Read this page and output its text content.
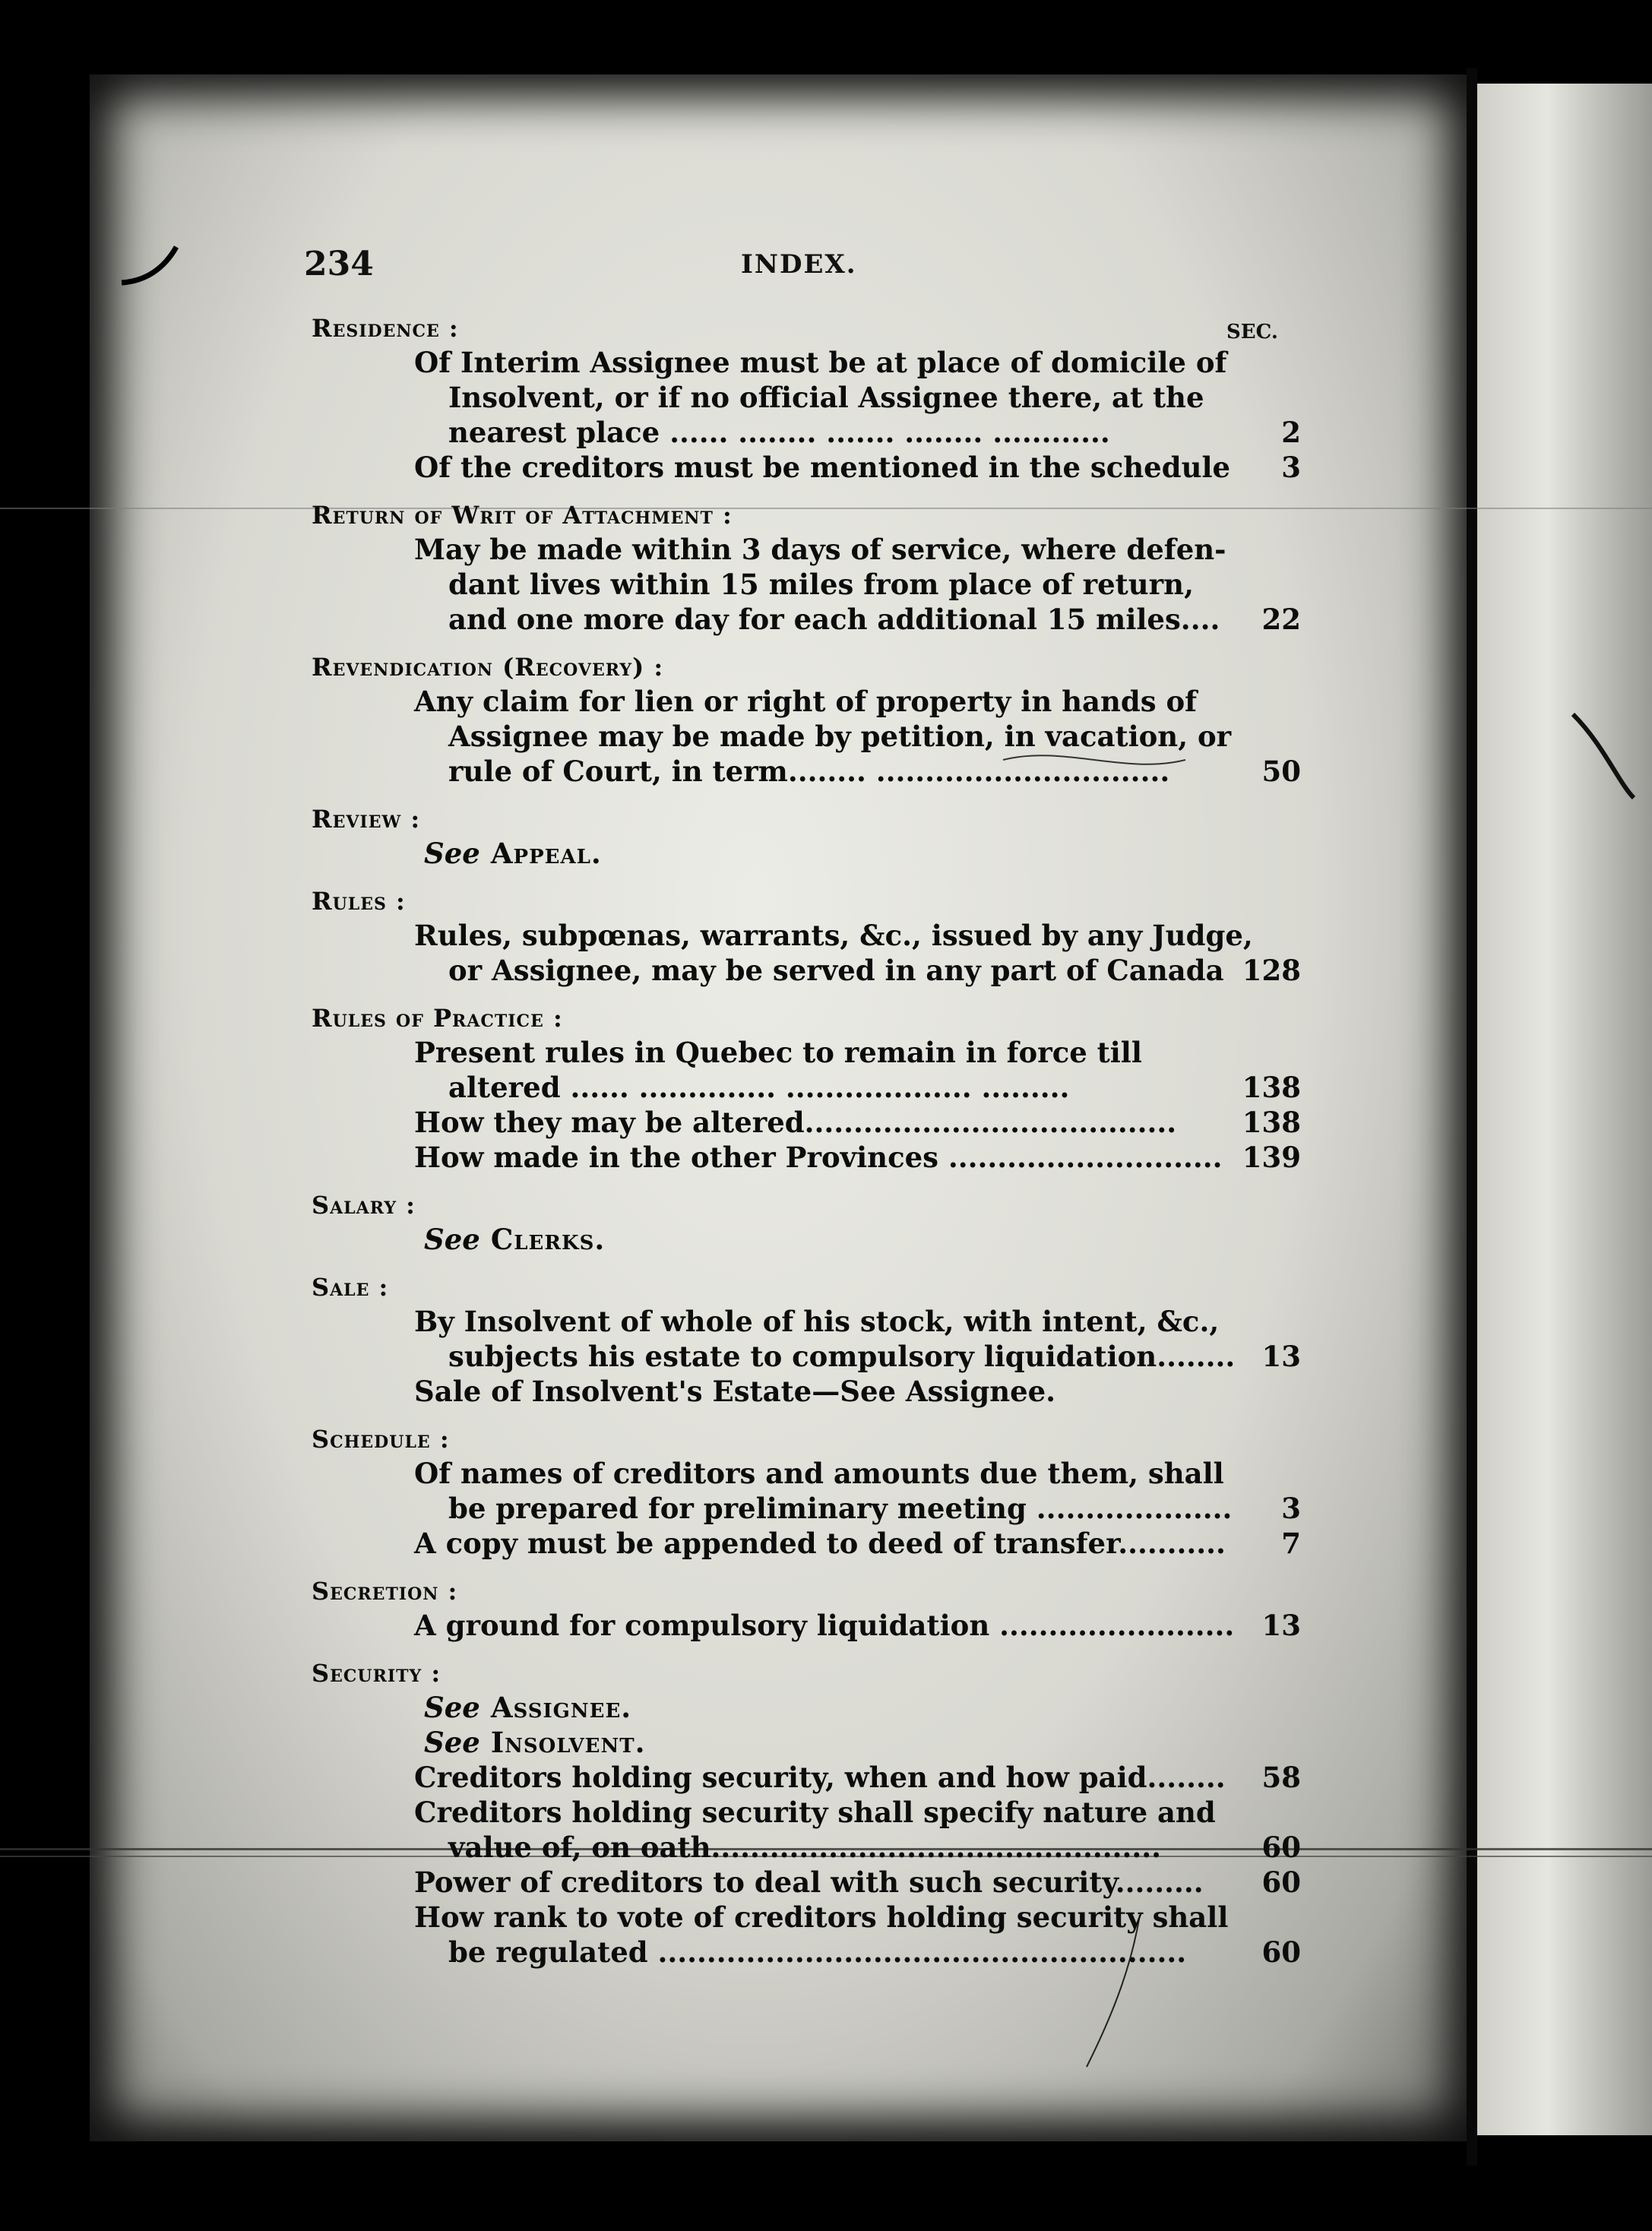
234	INDEX.
SEC.
Residence :
Of Interim Assignee must be at place of domicile of
Insolvent, or if no official Assignee there, at the
nearest place ...... ........ ....... ........ ............	2
Of the creditors must be mentioned in the schedule	3
Return of Writ of Attachment :
May be made within 3 days of service, where defen-
dant lives within 15 miles from place of return,
and one more day for each additional 15 miles....	22
Revendication (Recovery) :
Any claim for lien or right of property in hands of
Assignee may be made by petition, in vacation, or
rule of Court, in term........ ..............................	50
Review :
See Appeal.
Rules :
Rules, subpœnas, warrants, &c., issued by any Judge,
or Assignee, may be served in any part of Canada 128
Rules of Practice :
Present rules in Quebec to remain in force till
altered ...... .............. ................... .........	138
How they may be altered......................................	138
How made in the other Provinces ............................ 139
Salary :
See Clerks.
Sale :
By Insolvent of whole of his stock, with intent, &c.,
subjects his estate to compulsory liquidation........ 13
Sale of Insolvent's Estate—See Assignee.
Schedule :
Of names of creditors and amounts due them, shall
be prepared for preliminary meeting ....................	3
A copy must be appended to deed of transfer...........	7
Secretion :
A ground for compulsory liquidation ........................ 13
Security :
See Assignee.
See Insolvent.
Creditors holding security, when and how paid........	58
Creditors holding security shall specify nature and
value of, on oath..............................................	60
Power of creditors to deal with such security.........	60
How rank to vote of creditors holding security shall
be regulated ......................................................	60
